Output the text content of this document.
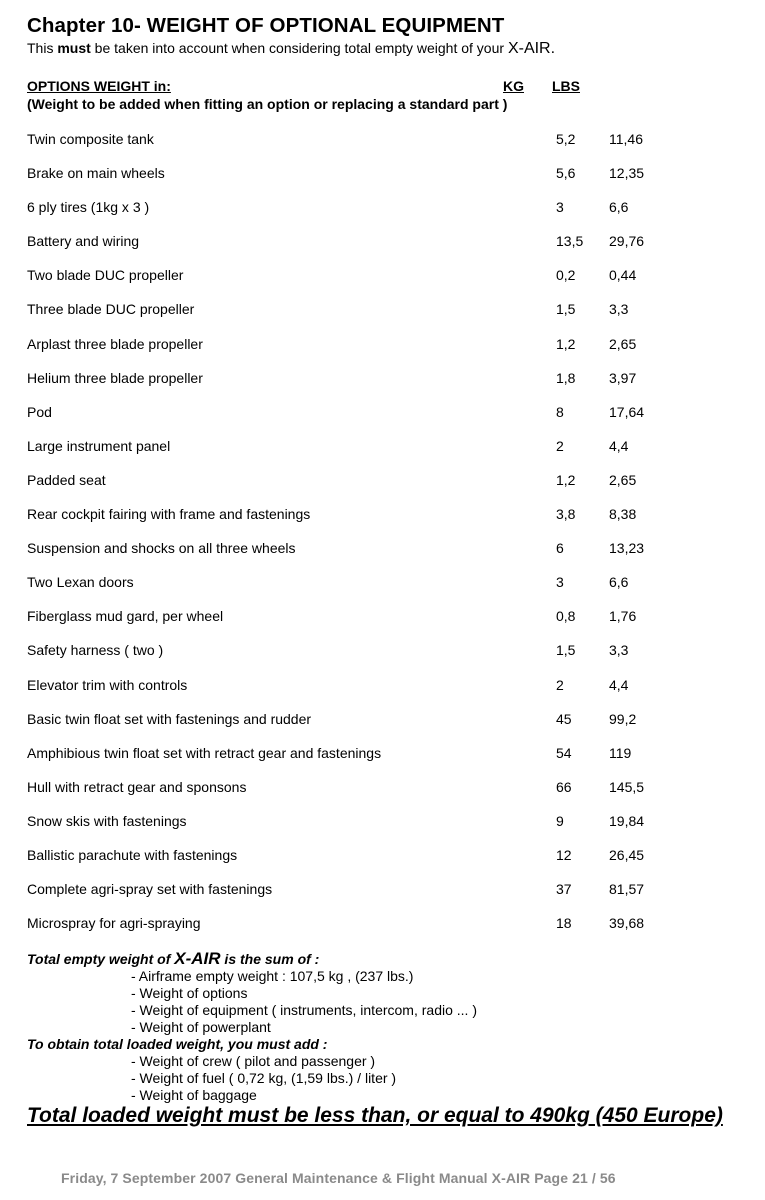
Chapter 10- WEIGHT OF OPTIONAL EQUIPMENT
This must be taken into account when considering total empty weight of your X-AIR.
OPTIONS WEIGHT in:	KG LBS
(Weight to be added when fitting an option or replacing a standard part )
Twin composite tank	5,2 11,46
Brake on main wheels	5,6 12,35
6 ply tires (1kg x 3 )	3	6,6
Battery and wiring	13,5 29,76
Two blade DUC propeller	0,2 0,44
Three blade DUC propeller	1,5 3,3
Arplast three blade propeller	1,2 2,65
Helium three blade propeller	1,8 3,97
Pod	8	17,64
Large instrument panel	2	4,4
Padded seat	1,2 2,65
Rear cockpit fairing with frame and fastenings	3,8 8,38
Suspension and shocks on all three wheels	6	13,23
Two Lexan doors	3	6,6
Fiberglass mud gard, per wheel	0,8 1,76
Safety harness ( two )	1,5 3,3
Elevator trim with controls	2	4,4
Basic twin float set with fastenings and rudder	45	99,2
Amphibious twin float set with retract gear and fastenings	54	119
Hull with retract gear and sponsons	66	145,5
Snow skis with fastenings	9	19,84
Ballistic parachute with fastenings	12	26,45
Complete agri-spray set with fastenings	37	81,57
Microspray for agri-spraying	18	39,68
Total empty weight of X-AIR is the sum of :
- Airframe empty weight : 107,5 kg , (237 lbs.)
- Weight of options
- Weight of equipment ( instruments, intercom, radio ... )
- Weight of powerplant
To obtain total loaded weight, you must add :
- Weight of crew ( pilot and passenger )
- Weight of fuel ( 0,72 kg, (1,59 lbs.) / liter )
- Weight of baggage
Total loaded weight must be less than, or equal to 490kg (450 Europe)
Friday, 7 September 2007 General Maintenance & Flight Manual X-AIR Page 21 / 56
